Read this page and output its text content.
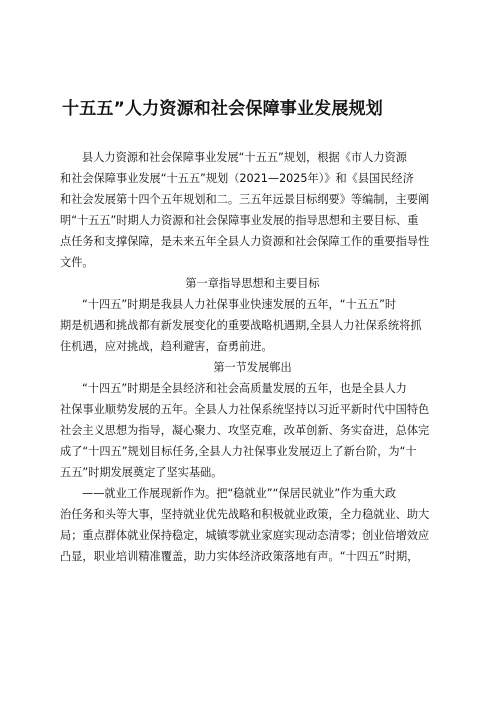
十五五”人力资源和社会保障事业发展规划

县人力资源和社会保障事业发展“十五五”规划，根据《市人力资源

和社会保障事业发展“十五五”规划（2021—2025年）》和《县国民经济
和社会发展第十四个五年规划和二。三五年远景目标纲要》等编制，主要阐
明“十五五”时期人力资源和社会保障事业发展的指导思想和主要目标、重
点任务和支撑保障，是未来五年全县人力资源和社会保障工作的重要指导性
文件。

第一章指导思想和主要目标

“十四五”时期是我县人力社保事业快速发展的五年，“十五五”时
期是机遇和挑战都有新发展变化的重要战略机遇期,全县人力社保系统将抓
住机遇，应对挑战，趋利避害，奋勇前进。

第一节发展郸出

“十四五”时期是全县经济和社会高质量发展的五年，也是全县人力
社保事业顺势发展的五年。全县人力社保系统坚持以习近平新时代中国特色
社会主义思想为指导，凝心聚力、攻坚克难，改革创新、务实奋进，总体完
成了“十四五”规划目标任务,全县人力社保事业发展迈上了新台阶，为“十
五五”时期发展奠定了坚实基础。

——就业工作展现新作为。把“稳就业”“保居民就业”作为重大政
治任务和头等大事，坚持就业优先战略和积极就业政策，全力稳就业、助大
局；重点群体就业保持稳定，城镇零就业家庭实现动态清零；创业倍增效应
凸显，职业培训精准覆盖，助力实体经济政策落地有声。“十四五”时期，
